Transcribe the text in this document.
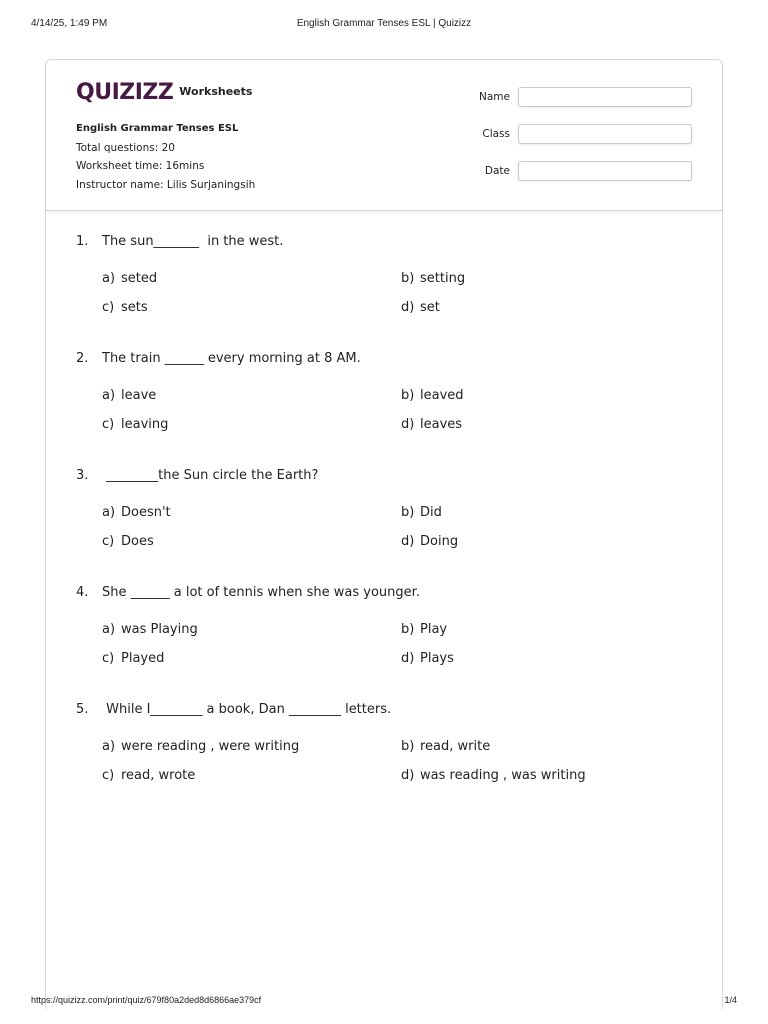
4/14/25, 1:49 PM	English Grammar Tenses ESL | Quizizz
QUIZIZZ Worksheets
English Grammar Tenses ESL
Total questions: 20
Worksheet time: 16mins
Instructor name: Lilis Surjaningsih
Name
Class
Date
1. The sun_______  in the west.
a) seted	b) setting
c) sets	d) set
2. The train ______ every morning at 8 AM.
a) leave	b) leaved
c) leaving	d) leaves
3. ________the Sun circle the Earth?
a) Doesn't	b) Did
c) Does	d) Doing
4. She ______ a lot of tennis when she was younger.
a) was Playing	b) Play
c) Played	d) Plays
5. While I________ a book, Dan ________ letters.
a) were reading , were writing	b) read, write
c) read, wrote	d) was reading , was writing
https://quizizz.com/print/quiz/679f80a2ded8d6866ae379cf	1/4
